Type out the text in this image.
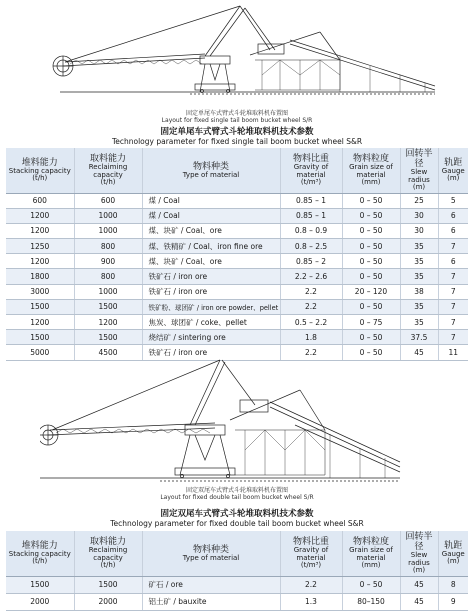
固定单尾车式臂式斗轮堆取料机布置图
Layout for fixed single tail boom bucket wheel S/R
固定单尾车式臂式斗轮堆取料机技术参数
Technology parameter for fixed single tail boom bucket wheel S&R
堆料能力
Stacking capacity
(t/h)	取料能力
Reclaiming capacity
(t/h)	物料种类
Type of material	物料比重
Gravity of material
(t/m³)	物料粒度
Grain size of material
(mm)	回转半径
Slew radius
(m)	轨距
Gauge
(m)
600	600	煤 / Coal	0.85 – 1	0 – 50	25	5
1200	1000	煤 / Coal	0.85 – 1	0 – 50	30	6
1200	1000	煤、块矿 / Coal、ore	0.8 – 0.9	0 – 50	30	6
1250	800	煤、铁精矿 / Coal、iron fine ore	0.8 – 2.5	0 – 50	35	7
1200	900	煤、块矿 / Coal、ore	0.85 – 2	0 – 50	35	6
1800	800	铁矿石 / iron ore	2.2 – 2.6	0 – 50	35	7
3000	1000	铁矿石 / iron ore	2.2	20 – 120	38	7
1500	1500	铁矿粉、球团矿 / iron ore powder、pellet	2.2	0 – 50	35	7
1200	1200	焦炭、球团矿 / coke、pellet	0.5 – 2.2	0 – 75	35	7
1500	1500	烧结矿 / sintering ore	1.8	0 – 50	37.5	7
5000	4500	铁矿石 / iron ore	2.2	0 – 50	45	11
固定双尾车式臂式斗轮堆取料机布置图
Layout for fixed double tail boom bucket wheel S/R
固定双尾车式臂式斗轮堆取料机技术参数
Technology parameter for fixed double tail boom bucket wheel S&R
堆料能力
Stacking capacity
(t/h)	取料能力
Reclaiming capacity
(t/h)	物料种类
Type of material	物料比重
Gravity of material
(t/m³)	物料粒度
Grain size of material
(mm)	回转半径
Slew radius
(m)	轨距
Gauge
(m)
1500	1500	矿石 / ore	2.2	0 – 50	45	8
2000	2000	铝土矿 / bauxite	1.3	80–150	45	9
